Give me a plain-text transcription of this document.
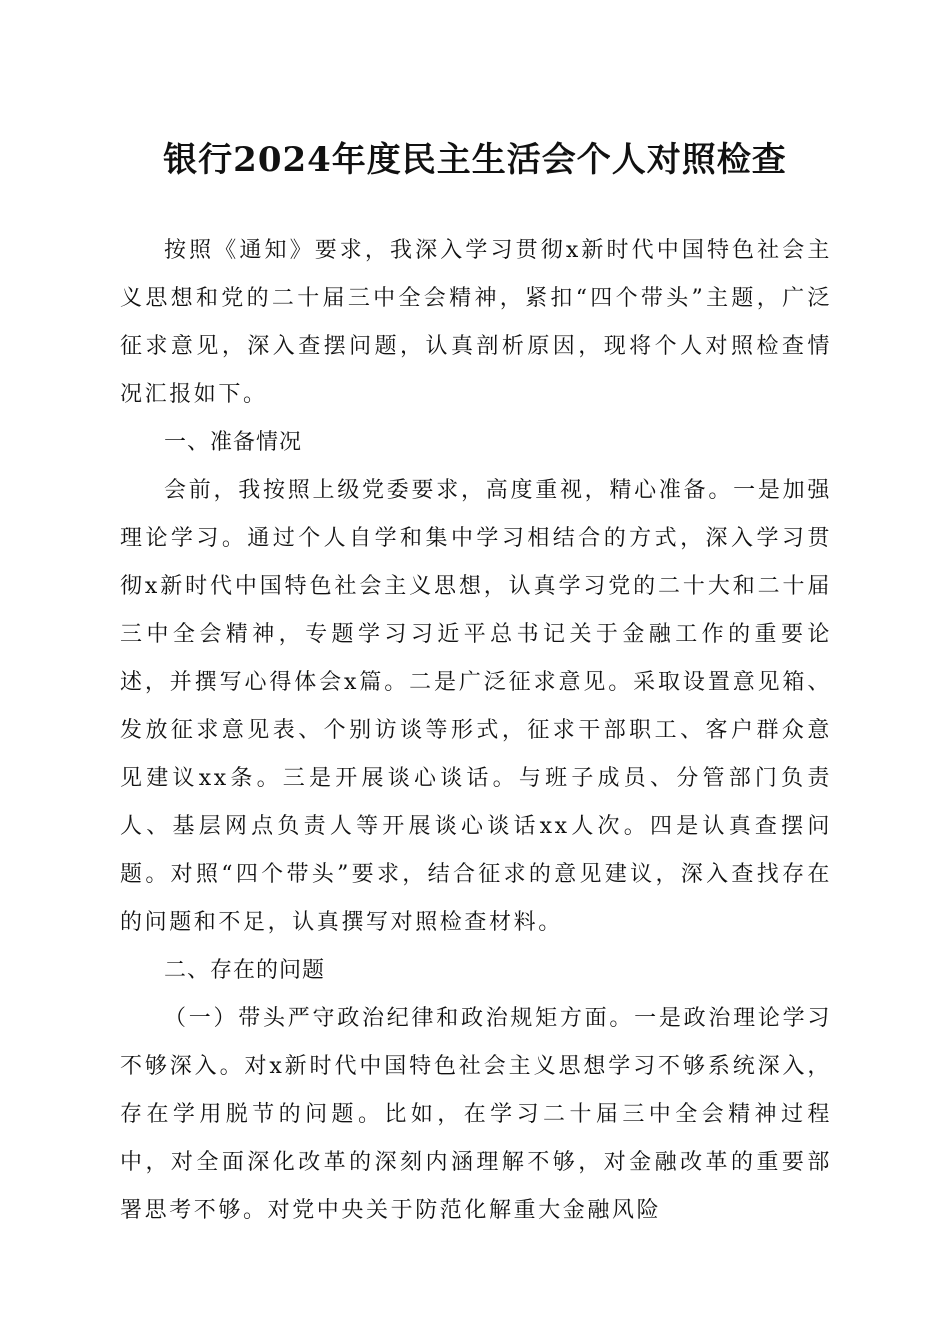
银行2024年度民主生活会个人对照检查

按照《通知》要求，我深入学习贯彻x新时代中国特色社会主义思想和党的二十届三中全会精神，紧扣“四个带头”主题，广泛征求意见，深入查摆问题，认真剖析原因，现将个人对照检查情况汇报如下。

一、准备情况

会前，我按照上级党委要求，高度重视，精心准备。一是加强理论学习。通过个人自学和集中学习相结合的方式，深入学习贯彻x新时代中国特色社会主义思想，认真学习党的二十大和二十届三中全会精神，专题学习习近平总书记关于金融工作的重要论述，并撰写心得体会x篇。二是广泛征求意见。采取设置意见箱、发放征求意见表、个别访谈等形式，征求干部职工、客户群众意见建议xx条。三是开展谈心谈话。与班子成员、分管部门负责人、基层网点负责人等开展谈心谈话xx人次。四是认真查摆问题。对照“四个带头”要求，结合征求的意见建议，深入查找存在的问题和不足，认真撰写对照检查材料。

二、存在的问题

（一）带头严守政治纪律和政治规矩方面。一是政治理论学习不够深入。对x新时代中国特色社会主义思想学习不够系统深入，存在学用脱节的问题。比如，在学习二十届三中全会精神过程中，对全面深化改革的深刻内涵理解不够，对金融改革的重要部署思考不够。对党中央关于防范化解重大金融风险
